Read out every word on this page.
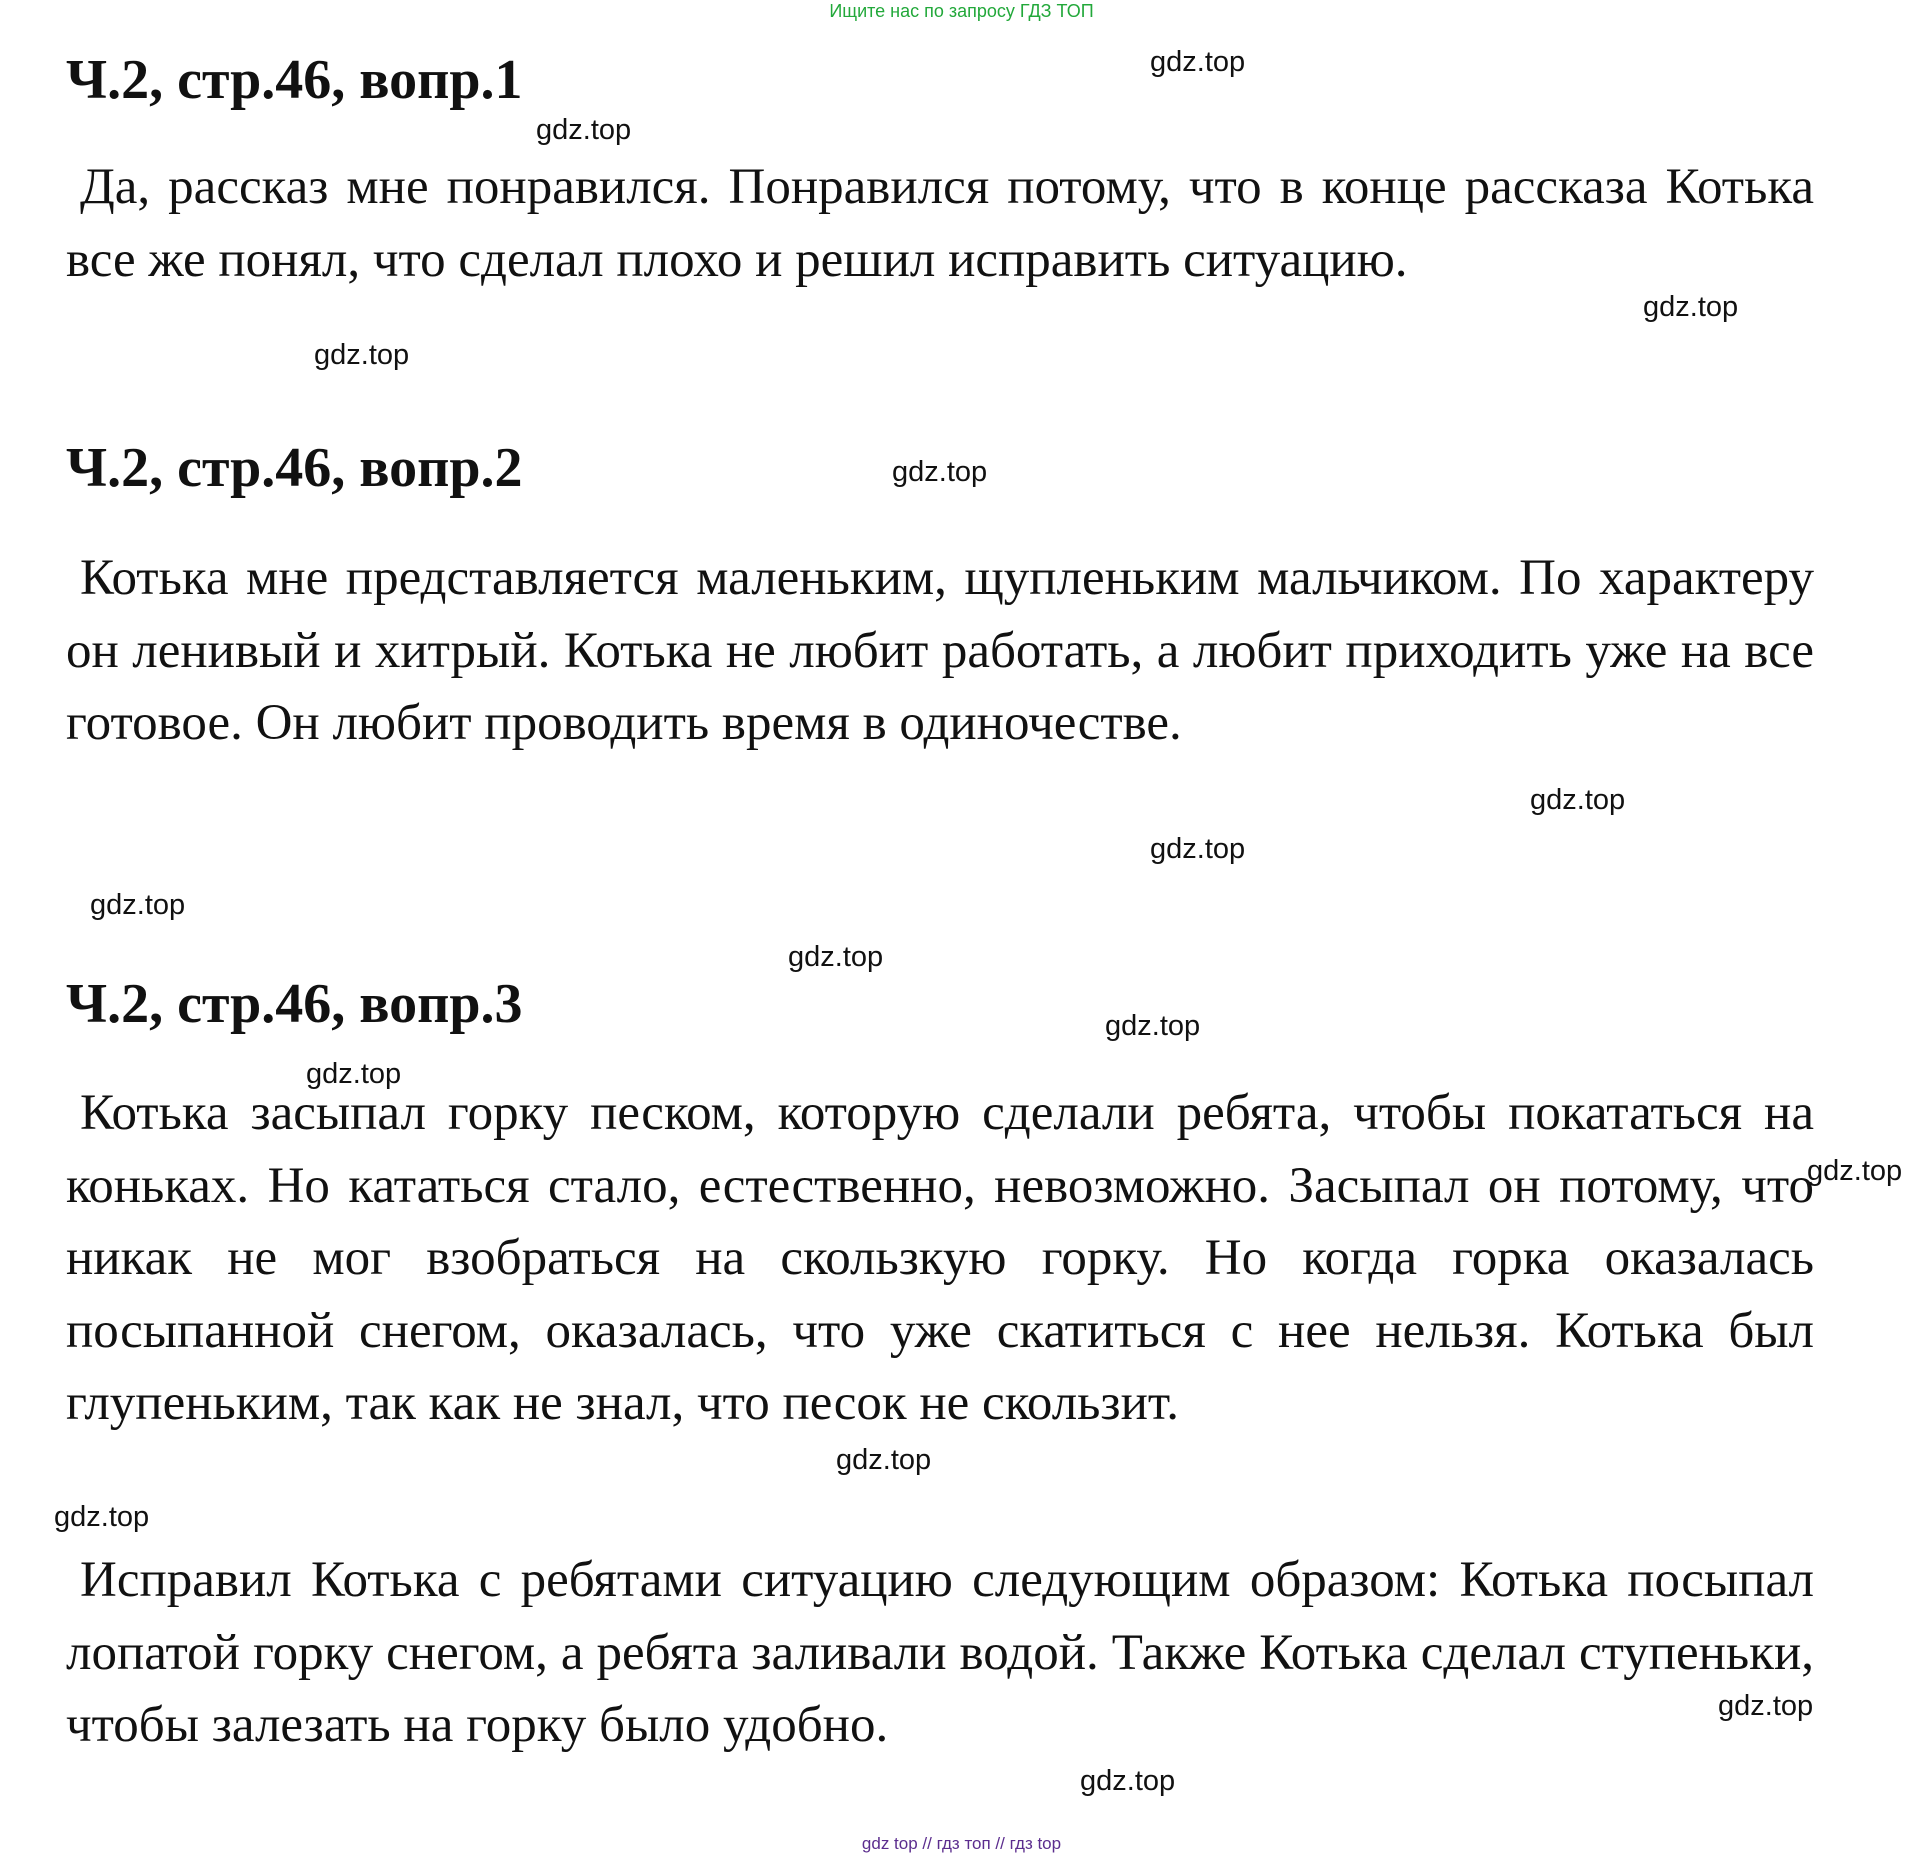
Ищите нас по запросу ГДЗ ТОП
Ч.2, стр.46, вопр.1

Да, рассказ мне понравился. Понравился потому, что в конце рассказа Котька все же понял, что сделал плохо и решил исправить ситуацию.

Ч.2, стр.46, вопр.2

Котька мне представляется маленьким, щупленьким мальчиком. По характеру он ленивый и хитрый. Котька не любит работать, а любит приходить уже на все готовое. Он любит проводить время в одиночестве.

Ч.2, стр.46, вопр.3

Котька засыпал горку песком, которую сделали ребята, чтобы покататься на коньках. Но кататься стало, естественно, невозможно. Засыпал он потому, что никак не мог взобраться на скользкую горку. Но когда горка оказалась посыпанной снегом, оказалась, что уже скатиться с нее нельзя. Котька был глупеньким, так как не знал, что песок не скользит.

Исправил Котька с ребятами ситуацию следующим образом: Котька посыпал лопатой горку снегом, а ребята заливали водой. Также Котька сделал ступеньки, чтобы залезать на горку было удобно.

gdz.top
gdz.top
gdz.top
gdz.top
gdz.top
gdz.top
gdz.top
gdz.top
gdz.top
gdz.top
gdz.top
gdz.top
gdz.top
gdz.top
gdz.top
gdz.top
gdz top // гдз топ // гдз top
